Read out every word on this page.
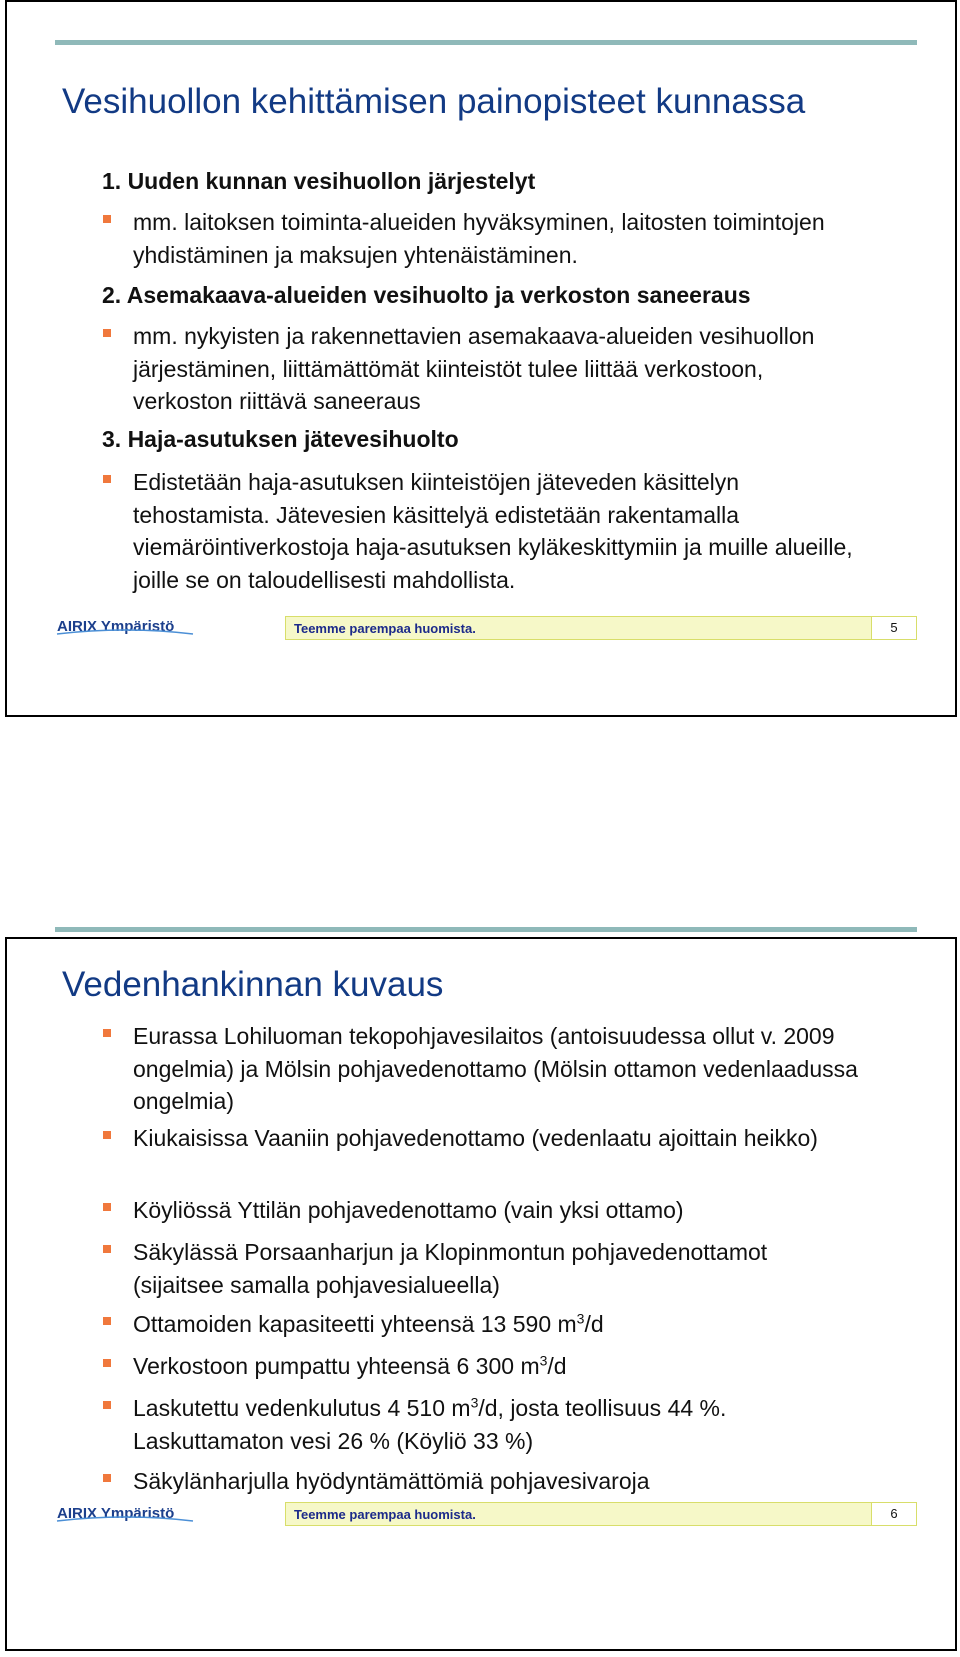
Vesihuollon kehittämisen painopisteet kunnassa
1. Uuden kunnan vesihuollon järjestelyt
mm. laitoksen toiminta-alueiden hyväksyminen, laitosten toimintojen yhdistäminen ja maksujen yhtenäistäminen.
2. Asemakaava-alueiden vesihuolto ja verkoston saneeraus
mm. nykyisten ja rakennettavien asemakaava-alueiden vesihuollon järjestäminen, liittämättömät kiinteistöt tulee liittää verkostoon, verkoston riittävä saneeraus
3. Haja-asutuksen jätevesihuolto
Edistetään haja-asutuksen kiinteistöjen jäteveden käsittelyn tehostamista. Jätevesien käsittelyä edistetään rakentamalla viemäröintiverkostoja haja-asutuksen kyläkeskittymiin ja muille alueille, joille se on taloudellisesti mahdollista.
AIRIX Ympäristö	Teemme parempaa huomista.	5
Vedenhankinnan kuvaus
Eurassa Lohiluoman tekopohjavesilaitos (antoisuudessa ollut v. 2009 ongelmia) ja Mölsin pohjavedenottamo (Mölsin ottamon vedenlaadussa ongelmia)
Kiukaisissa Vaaniin pohjavedenottamo (vedenlaatu ajoittain heikko)
Köyliössä Yttilän pohjavedenottamo (vain yksi ottamo)
Säkylässä Porsaanharjun ja Klopinmontun pohjavedenottamot (sijaitsee samalla pohjavesialueella)
Ottamoiden kapasiteetti yhteensä 13 590 $m^3/d$
Verkostoon pumpattu yhteensä 6 300 $m^3/d$
Laskutettu vedenkulutus 4 510 $m^3/d$, josta teollisuus 44 %. Laskuttamaton vesi 26 % (Köyliö 33 %)
Säkylänharjulla hyödyntämättömiä pohjavesivaroja
AIRIX Ympäristö	Teemme parempaa huomista.	6
